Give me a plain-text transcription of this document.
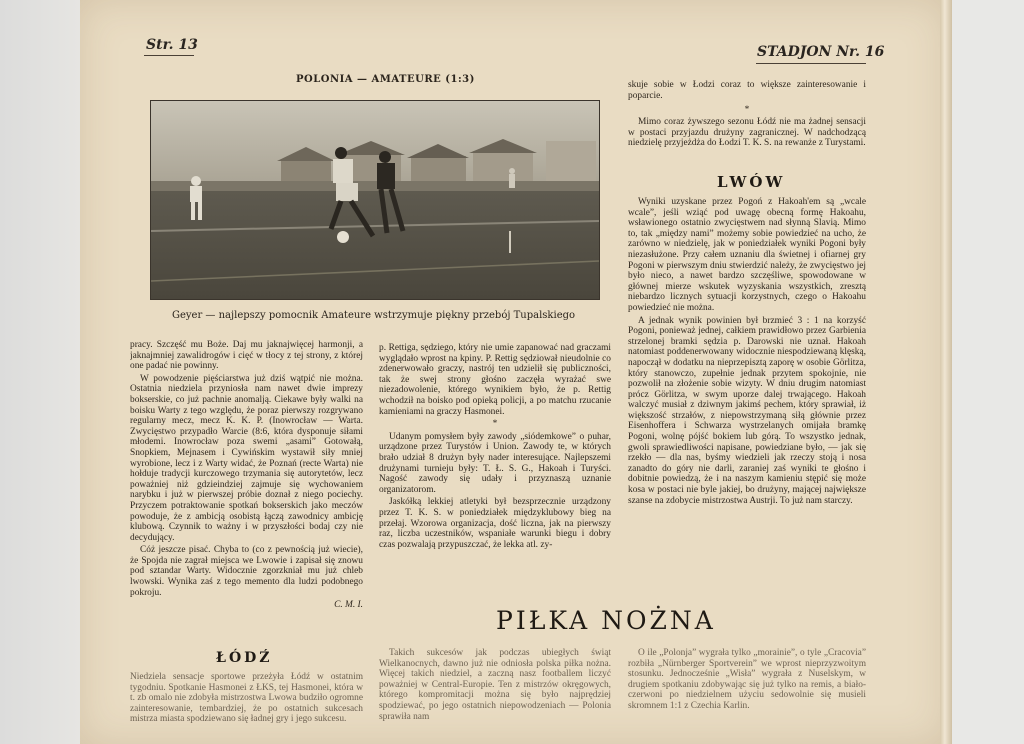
Str. 13	STADJON Nr. 16
POLONIA — AMATEURE (1:3)
Geyer — najlepszy pomocnik Amateure wstrzymuje piękny przebój Tupalskiego

pracy. Szczęść mu Boże. Daj mu jaknajwięcej harmonji, a jaknajmniej zawalidrogów i cięć w tłocy z tej strony, z której one padać nie powinny.

W powodzenie pięściarstwa już dziś wątpić nie można. Ostatnia niedziela przyniosła nam nawet dwie imprezy bokserskie, co już pachnie anomalją. Ciekawe były walki na boisku Warty z tego względu, że poraz pierwszy rozgrywano regularny mecz, mecz K. K. P. (Inowrocław — Warta. Zwycięstwo przypadło Warcie (8:6, która dysponuje siłami młodemi. Inowrocław poza swemi „asami” Gotowałą, Snopkiem, Mejnasem i Cywińskim wystawił siły mniej wyrobione, lecz i z Warty widać, że Poznań (recte Warta) nie hołduje tradycji kurczowego trzymania się autorytetów, lecz poważniej niż gdzieindziej zajmuje się wychowaniem narybku i już w pierwszej próbie doznał z niego pociechy. Przyczem potraktowanie spotkań bokserskich jako meczów powoduje, że z ambicją osobistą łączą zawodnicy ambicję klubową. Czynnik to ważny i w przyszłości bodaj czy nie decydujący.

Cóż jeszcze pisać. Chyba to (co z pewnością już wiecie), że Spojda nie zagrał miejsca we Lwowie i zapisał się znowu pod sztandar Warty. Widocznie zgorzkniał mu już chleb lwowski. Wynika zaś z tego memento dla ludzi podobnego pokroju.

C. M. I.

ŁÓDŹ
Niedziela sensacje sportowe przeżyła Łódź w ostatnim tygodniu. Spotkanie Hasmonei z ŁKS, tej Hasmonei, która w t. zb omalo nie zdobyła mistrzostwa Lwowa budziło ogromne zainteresowanie, tembardziej, że po ostatnich sukcesach mistrza miasta spodziewano się ładnej gry i jego sukcesu.

p. Rettiga, sędziego, który nie umie zapanować nad graczami wyglądało wprost na kpiny. P. Rettig sędziował nieudolnie co zdenerwowało graczy, nastrój ten udzielił się publiczności, tak że swej strony głośno zaczęła wyrażać swe niezadowolenie, którego wynikiem było, że p. Rettig wchodził na boisko pod opieką policji, a po matchu rzucanie kamieniami na graczy Hasmonei.

*

Udanym pomysłem były zawody „siódemkowe” o puhar, urządzone przez Turystów i Union. Zawody te, w których brało udział 8 drużyn były nader interesujące. Najlepszemi drużynami turnieju były: T. Ł. S. G., Hakoah i Turyści. Nagość zawody się udały i przyznaszą uznanie organizatorom.

Jaskółką lekkiej atletyki był bezsprzecznie urządzony przez T. K. S. w poniedziałek międzyklubowy bieg na przełaj. Wzorowa organizacja, dość liczna, jak na pierwszy raz, liczba uczestników, wspaniałe warunki biegu i dobry czas pozwalają przypuszczać, że lekka atl. zy-

skuje sobie w Łodzi coraz to większe zainteresowanie i poparcie.
*
Mimo coraz żywszego sezonu Łódź nie ma żadnej sensacji w postaci przyjazdu drużyny zagranicznej. W nadchodzącą niedzielę przyjeżdża do Łodzi T. K. S. na rewanże z Turystami.
LWÓW

Wyniki uzyskane przez Pogoń z Hakoah'em są „wcale wcale”, jeśli wziąć pod uwagę obecną formę Hakoahu, wsławionego ostatnio zwycięstwem nad słynną Slavią. Mimo to, tak „między nami” możemy sobie powiedzieć na ucho, że zarówno w niedzielę, jak w poniedziałek wyniki Pogoni były niezasłużone. Przy całem uznaniu dla świetnej i ofiarnej gry Pogoni w pierwszym dniu stwierdzić należy, że zwycięstwo jej było nieco, a nawet bardzo szczęśliwe, spowodowane w głównej mierze wskutek wyzyskania wszystkich, zresztą niebardzo licznych sytuacji korzystnych, czego o Hakoahu powiedzieć nie można.

A jednak wynik powinien był brzmieć 3 : 1 na korzyść Pogoni, ponieważ jednej, całkiem prawidłowo przez Garbienia strzelonej bramki sędzia p. Darowski nie uznał. Hakoah natomiast poddenerwowany widocznie niespodziewaną klęską, napoczął w dodatku na nieprzepisztą zaporę w osobie Görlitza, który stanowczo, zupełnie jednak przytem spokojnie, nie pozwolił na złożenie sobie wizyty. W dniu drugim natomiast prócz Görlitza, w swym uporze dalej trwającego. Hakoah walczyć musiał z dziwnym jakimś pechem, który sprawiał, iż większość strzałów, z niepowstrzymaną siłą głównie przez Eisenhoffera i Schwarza wystrzelanych omijała bramkę Pogoni, wolnę pójść bokiem lub górą. To wszystko jednak, gwoli sprawiedliwości napisane, powiedziane było, — jak się rzekło — dla nas, byśmy wiedzieli jak rzeczy stoją i nosa zanadto do góry nie darli, zaraniej zaś wyniki te głośno i dobitnie powiedzą, że i na naszym kamieniu stępić się może kosa w postaci nie byle jakiej, bo drużyny, mającej największe szanse na zdobycie mistrzostwa Austrji. To już nam starczy.

PIŁKA NOŻNA
Takich sukcesów jak podczas ubiegłych świąt Wielkanocnych, dawno już nie odniosła polska piłka nożna. Więcej takich niedziel, a zaczną nasz footballem liczyć poważniej w Central-Europie. Ten z mistrzów okręgowych, którego kompromitacji można się było najprędziej spodziewać, po jego ostatnich niepowodzeniach — Polonia sprawiła nam
O ile „Polonja” wygrała tylko „morainie”, o tyle „Cracovia” rozbiła „Nürnberger Sportverein” we wprost nieprzyzwoitym stosunku. Jednocześnie „Wisła” wygrała z Nuselskym, w drugiem spotkaniu zdobywając się już tylko na remis, a biało-czerwoni po niedzielnem użyciu sedowolnie się musieli skromnem 1:1 z Czechia Karlin.
